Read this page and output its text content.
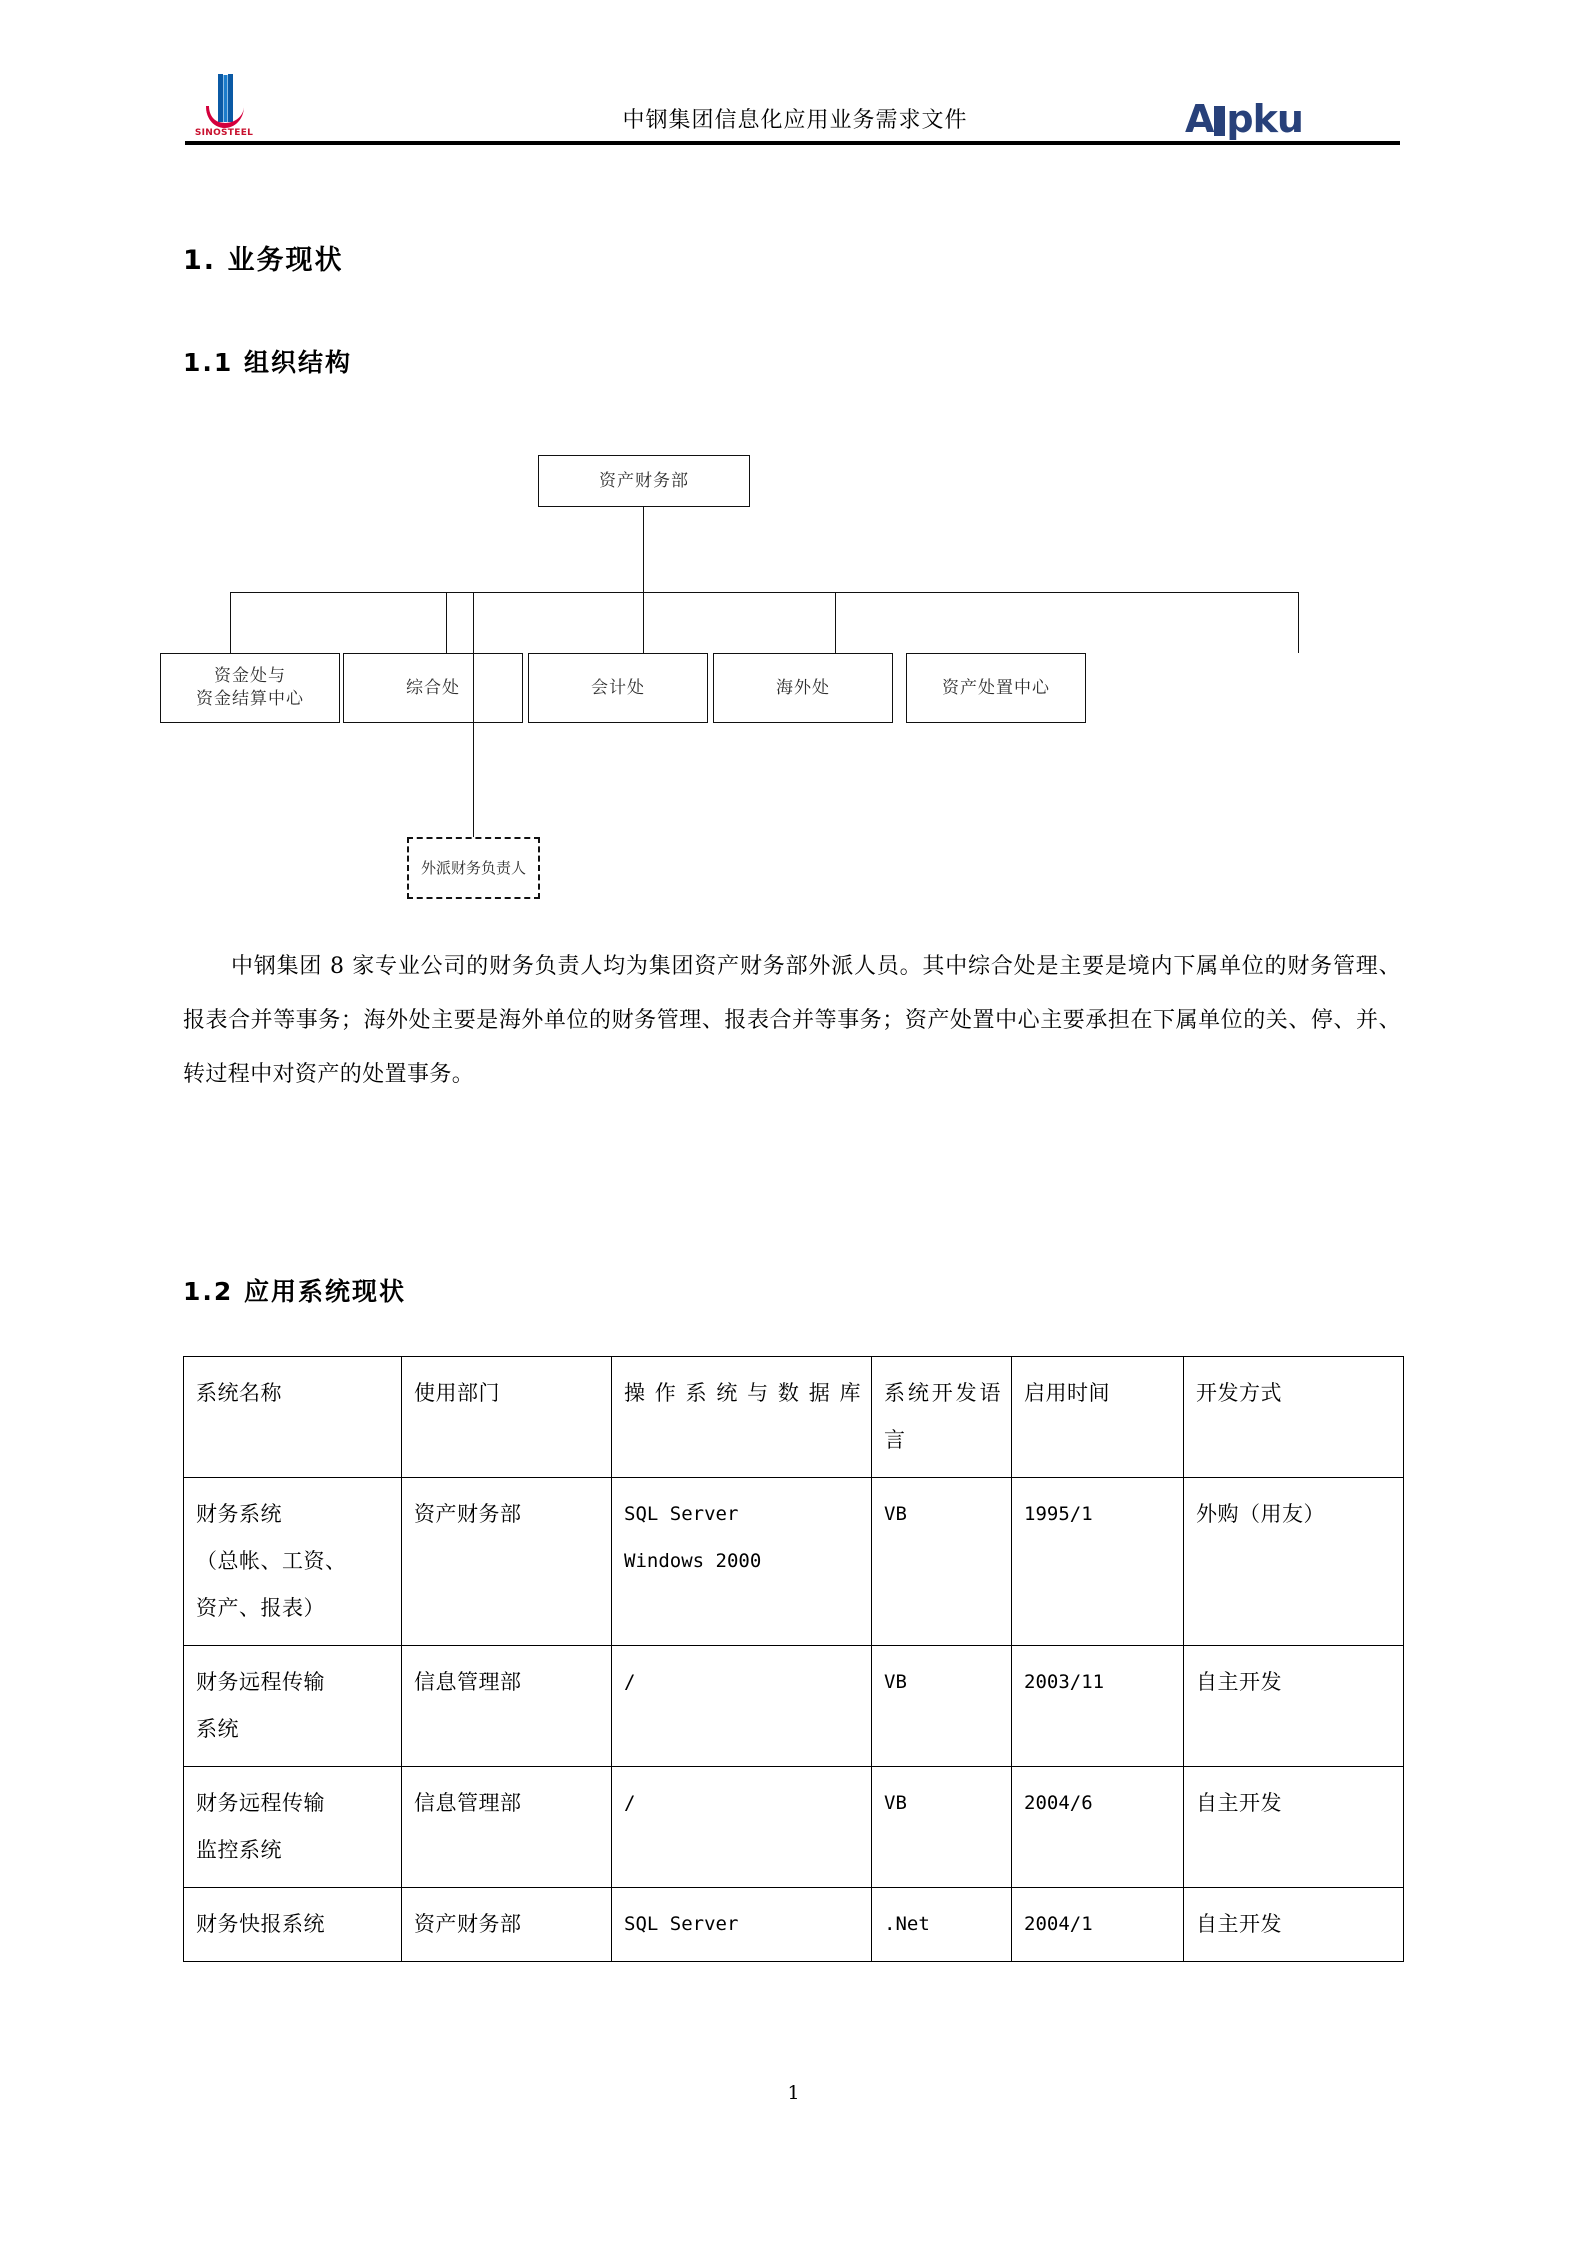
SINOSTEEL	中钢集团信息化应用业务需求文件	A pku
1. 业务现状
1.1 组织结构
资产财务部
资金处与
资金结算中心
综合处	会计处	海外处	资产处置中心
外派财务负责人
中钢集团 8 家专业公司的财务负责人均为集团资产财务部外派人员。其中综合处是主要是境内下属单位的财务管理、报表合并等事务；海外处主要是海外单位的财务管理、报表合并等事务；资产处置中心主要承担在下属单位的关、停、并、转过程中对资产的处置事务。
1.2 应用系统现状
系统名称	使用部门	操作系统与数据库	系统开发语言	启用时间	开发方式

财务系统
（总帐、工资、
资产、报表）	资产财务部	SQL Server
Windows 2000	VB	1995/1	外购（用友）

财务远程传输
系统	信息管理部	/	VB	2003/11	自主开发

财务远程传输
监控系统	信息管理部	/	VB	2004/6	自主开发
财务快报系统	资产财务部	SQL Server	.Net	2004/1	自主开发
1
